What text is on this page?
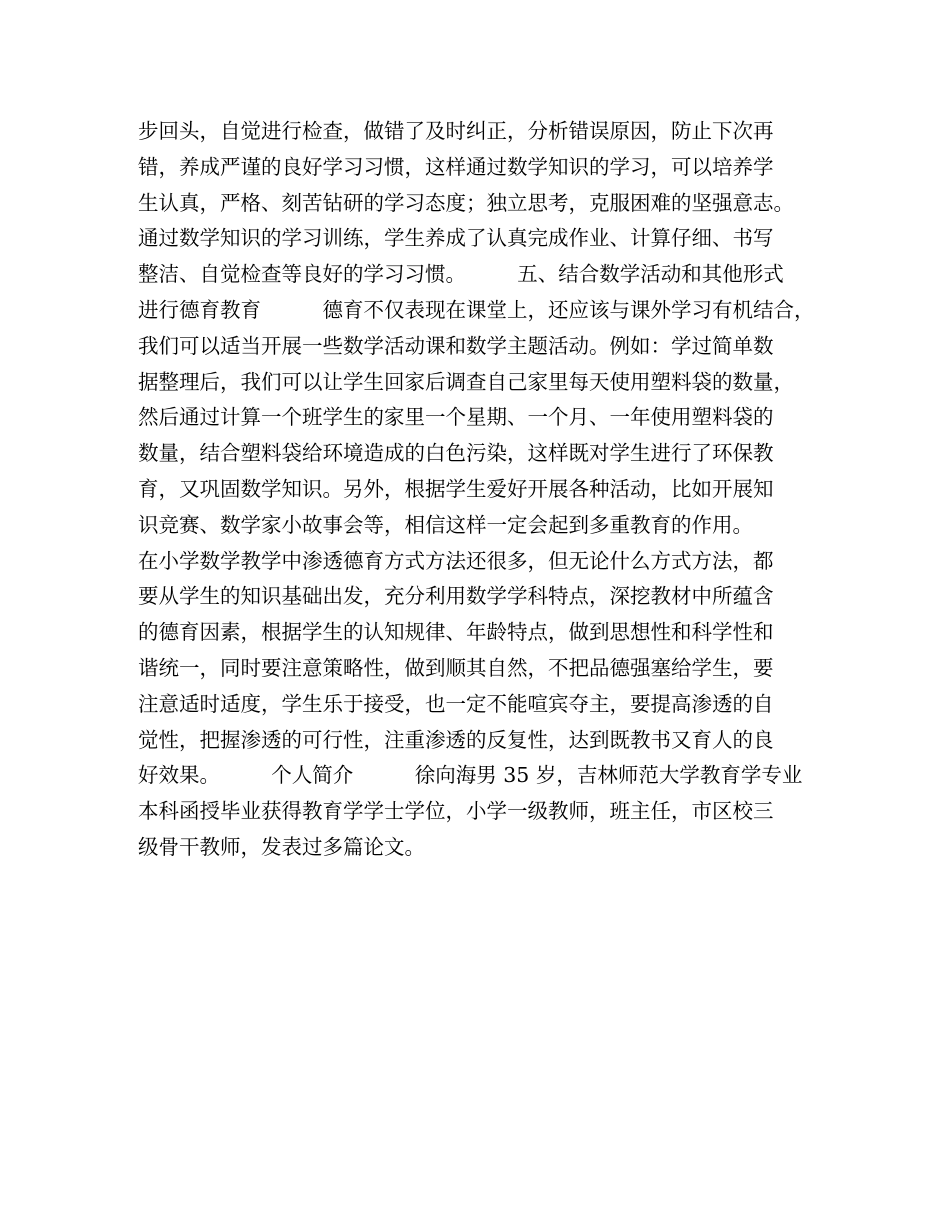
步回头，自觉进行检查，做错了及时纠正，分析错误原因，防止下次再
错，养成严谨的良好学习习惯，这样通过数学知识的学习，可以培养学
生认真，严格、刻苦钻研的学习态度；独立思考，克服困难的坚强意志。
通过数学知识的学习训练，学生养成了认真完成作业、计算仔细、书写
整洁、自觉检查等良好的学习习惯。　　　五、结合数学活动和其他形式
进行德育教育　　　德育不仅表现在课堂上，还应该与课外学习有机结合，
我们可以适当开展一些数学活动课和数学主题活动。例如：学过简单数
据整理后，我们可以让学生回家后调查自己家里每天使用塑料袋的数量，
然后通过计算一个班学生的家里一个星期、一个月、一年使用塑料袋的
数量，结合塑料袋给环境造成的白色污染，这样既对学生进行了环保教
育，又巩固数学知识。另外，根据学生爱好开展各种活动，比如开展知
识竞赛、数学家小故事会等，相信这样一定会起到多重教育的作用。
在小学数学教学中渗透德育方式方法还很多，但无论什么方式方法，都
要从学生的知识基础出发，充分利用数学学科特点，深挖教材中所蕴含
的德育因素，根据学生的认知规律、年龄特点，做到思想性和科学性和
谐统一，同时要注意策略性，做到顺其自然，不把品德强塞给学生，要
注意适时适度，学生乐于接受，也一定不能喧宾夺主，要提高渗透的自
觉性，把握渗透的可行性，注重渗透的反复性，达到既教书又育人的良
好效果。　　　个人简介　　　徐向海男 35 岁，吉林师范大学教育学专业
本科函授毕业获得教育学学士学位，小学一级教师，班主任，市区校三
级骨干教师，发表过多篇论文。
